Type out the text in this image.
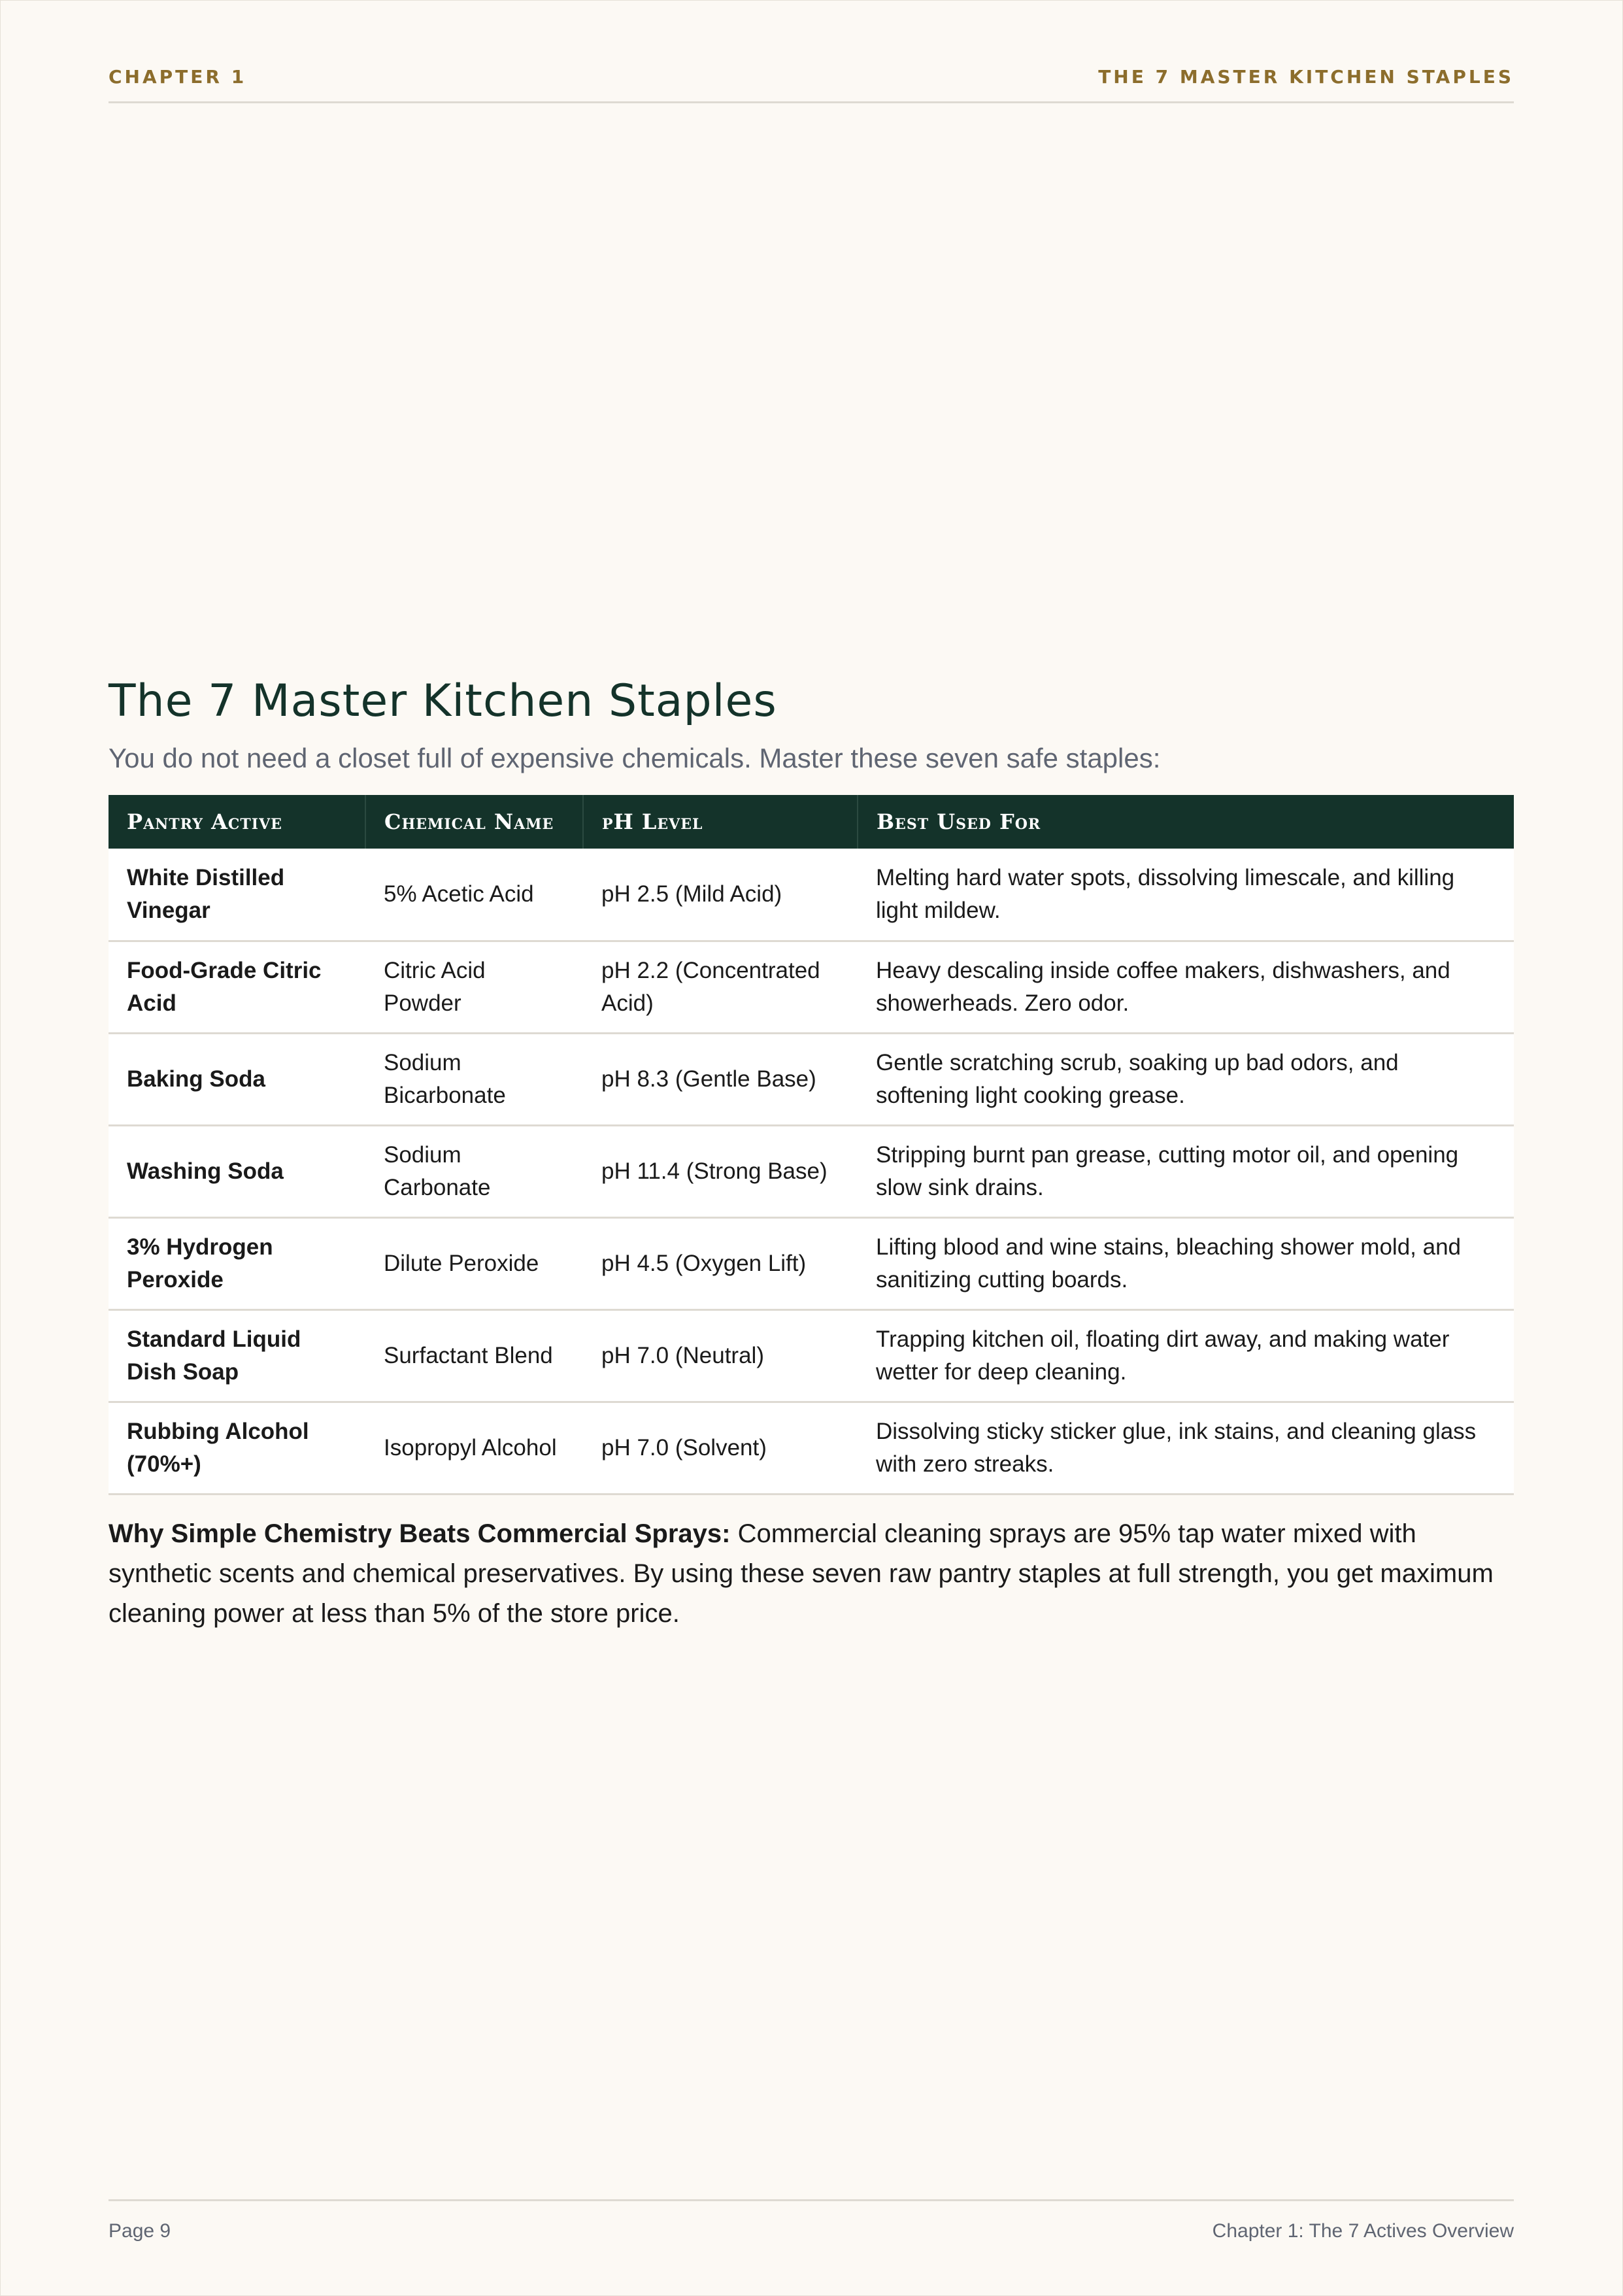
CHAPTER 1	THE 7 MASTER KITCHEN STAPLES
The 7 Master Kitchen Staples

You do not need a closet full of expensive chemicals. Master these seven safe staples:

Pantry Active	Chemical Name	pH Level	Best Used For
White Distilled Vinegar	5% Acetic Acid	pH 2.5 (Mild Acid)	Melting hard water spots, dissolving limescale, and killing light mildew.
Food-Grade Citric Acid	Citric Acid Powder	pH 2.2 (Concentrated Acid)	Heavy descaling inside coffee makers, dishwashers, and showerheads. Zero odor.
Baking Soda	Sodium Bicarbonate	pH 8.3 (Gentle Base)	Gentle scratching scrub, soaking up bad odors, and softening light cooking grease.
Washing Soda	Sodium Carbonate	pH 11.4 (Strong Base)	Stripping burnt pan grease, cutting motor oil, and opening slow sink drains.
3% Hydrogen Peroxide	Dilute Peroxide	pH 4.5 (Oxygen Lift)	Lifting blood and wine stains, bleaching shower mold, and sanitizing cutting boards.
Standard Liquid Dish Soap	Surfactant Blend	pH 7.0 (Neutral)	Trapping kitchen oil, floating dirt away, and making water wetter for deep cleaning.
Rubbing Alcohol (70%+)	Isopropyl Alcohol	pH 7.0 (Solvent)	Dissolving sticky sticker glue, ink stains, and cleaning glass with zero streaks.

Why Simple Chemistry Beats Commercial Sprays: Commercial cleaning sprays are 95% tap water mixed with synthetic scents and chemical preservatives. By using these seven raw pantry staples at full strength, you get maximum cleaning power at less than 5% of the store price.

Page 9	Chapter 1: The 7 Actives Overview
